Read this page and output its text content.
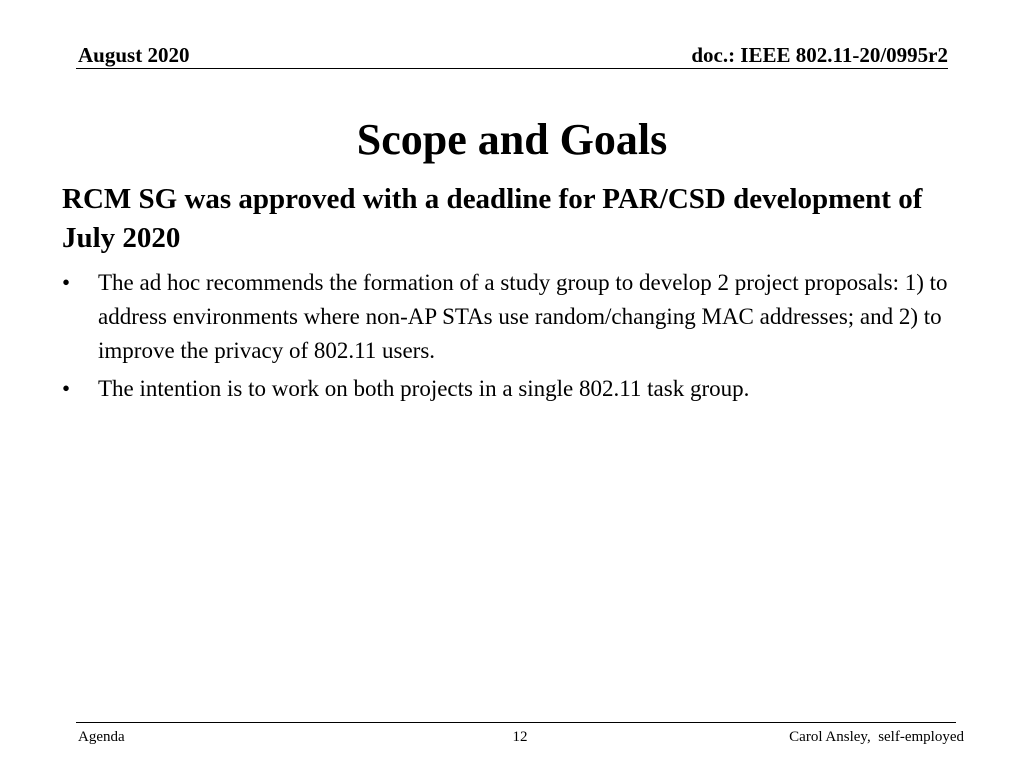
August 2020	doc.: IEEE 802.11-20/0995r2
Scope and Goals
RCM SG was approved with a deadline for PAR/CSD development of July 2020
•	The ad hoc recommends the formation of a study group to develop 2 project proposals: 1) to address environments where non-AP STAs use random/changing MAC addresses; and 2) to improve the privacy of 802.11 users.
•	The intention is to work on both projects in a single 802.11 task group.
Agenda	12	Carol Ansley,  self-employed
